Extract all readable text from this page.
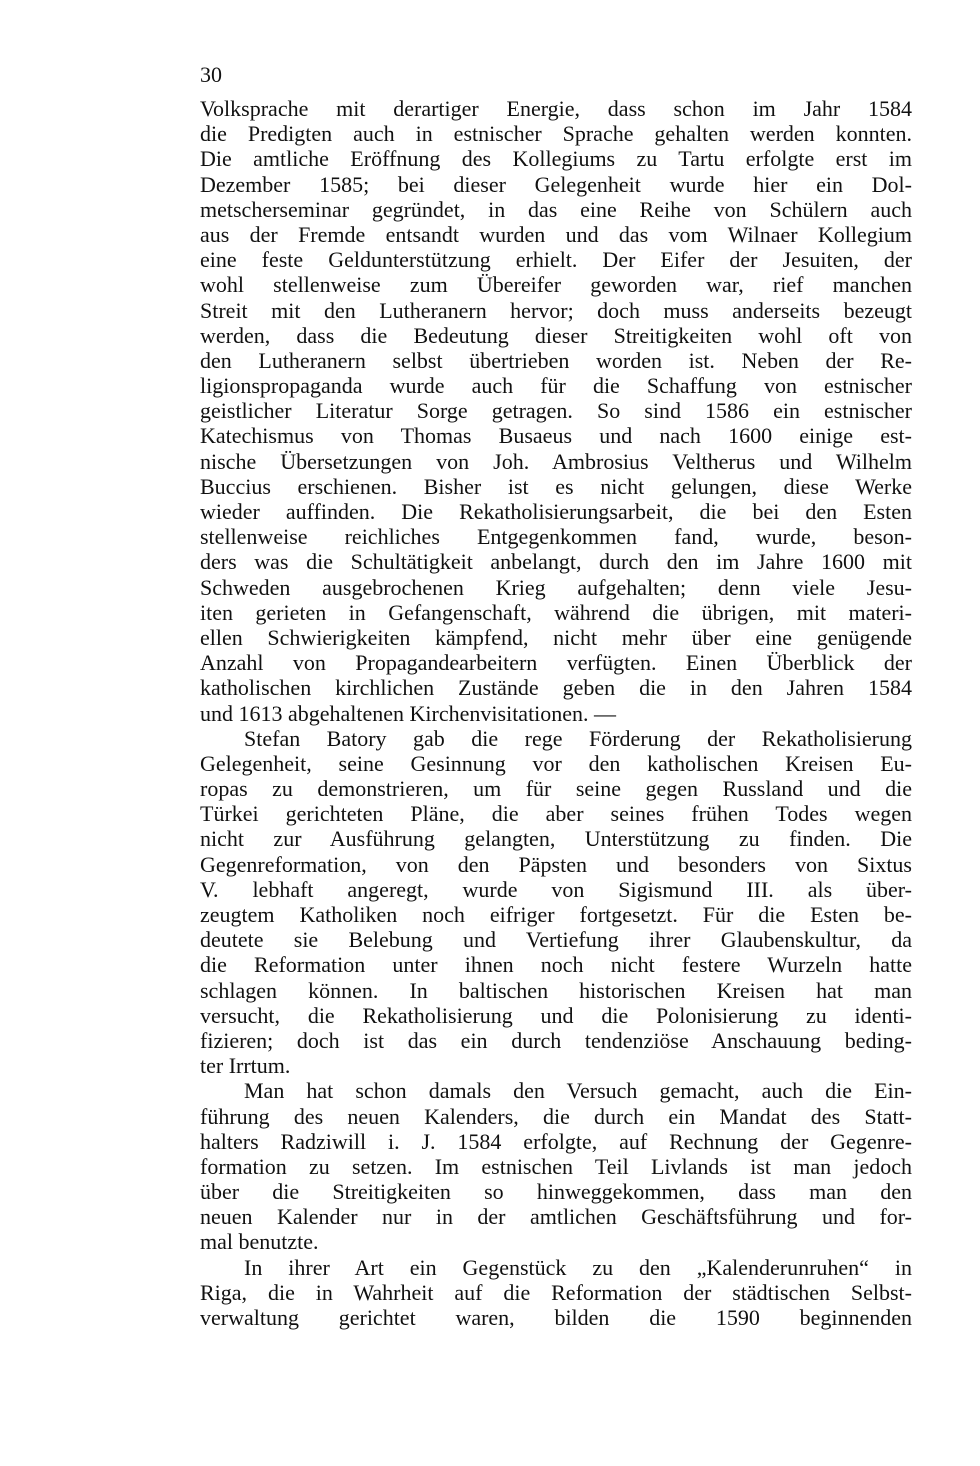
30
Volksprache mit derartiger Energie, dass schon im Jahr 1584
die Predigten auch in estnischer Sprache gehalten werden konnten.
Die amtliche Eröffnung des Kollegiums zu Tartu erfolgte erst im
Dezember 1585; bei dieser Gelegenheit wurde hier ein Dol-
metscherseminar gegründet, in das eine Reihe von Schülern auch
aus der Fremde entsandt wurden und das vom Wilnaer Kollegium
eine feste Geldunterstützung erhielt. Der Eifer der Jesuiten, der
wohl stellenweise zum Übereifer geworden war, rief manchen
Streit mit den Lutheranern hervor; doch muss anderseits bezeugt
werden, dass die Bedeutung dieser Streitigkeiten wohl oft von
den Lutheranern selbst übertrieben worden ist. Neben der Re-
ligionspropaganda wurde auch für die Schaffung von estnischer
geistlicher Literatur Sorge getragen. So sind 1586 ein estnischer
Katechismus von Thomas Busaeus und nach 1600 einige est-
nische Übersetzungen von Joh. Ambrosius Veltherus und Wilhelm
Buccius erschienen. Bisher ist es nicht gelungen, diese Werke
wieder auffinden. Die Rekatholisierungsarbeit, die bei den Esten
stellenweise reichliches Entgegenkommen fand, wurde, beson-
ders was die Schultätigkeit anbelangt, durch den im Jahre 1600 mit
Schweden ausgebrochenen Krieg aufgehalten; denn viele Jesu-
iten gerieten in Gefangenschaft, während die übrigen, mit materi-
ellen Schwierigkeiten kämpfend, nicht mehr über eine genügende
Anzahl von Propagandearbeitern verfügten. Einen Überblick der
katholischen kirchlichen Zustände geben die in den Jahren 1584
und 1613 abgehaltenen Kirchenvisitationen. —
Stefan Batory gab die rege Förderung der Rekatholisierung
Gelegenheit, seine Gesinnung vor den katholischen Kreisen Eu-
ropas zu demonstrieren, um für seine gegen Russland und die
Türkei gerichteten Pläne, die aber seines frühen Todes wegen
nicht zur Ausführung gelangten, Unterstützung zu finden. Die
Gegenreformation, von den Päpsten und besonders von Sixtus
V. lebhaft angeregt, wurde von Sigismund III. als über-
zeugtem Katholiken noch eifriger fortgesetzt. Für die Esten be-
deutete sie Belebung und Vertiefung ihrer Glaubenskultur, da
die Reformation unter ihnen noch nicht festere Wurzeln hatte
schlagen können. In baltischen historischen Kreisen hat man
versucht, die Rekatholisierung und die Polonisierung zu identi-
fizieren; doch ist das ein durch tendenziöse Anschauung beding-
ter Irrtum.
Man hat schon damals den Versuch gemacht, auch die Ein-
führung des neuen Kalenders, die durch ein Mandat des Statt-
halters Radziwill i. J. 1584 erfolgte, auf Rechnung der Gegenre-
formation zu setzen. Im estnischen Teil Livlands ist man jedoch
über die Streitigkeiten so hinweggekommen, dass man den
neuen Kalender nur in der amtlichen Geschäftsführung und for-
mal benutzte.
In ihrer Art ein Gegenstück zu den „Kalenderunruhen“ in
Riga, die in Wahrheit auf die Reformation der städtischen Selbst-
verwaltung gerichtet waren, bilden die 1590 beginnenden
